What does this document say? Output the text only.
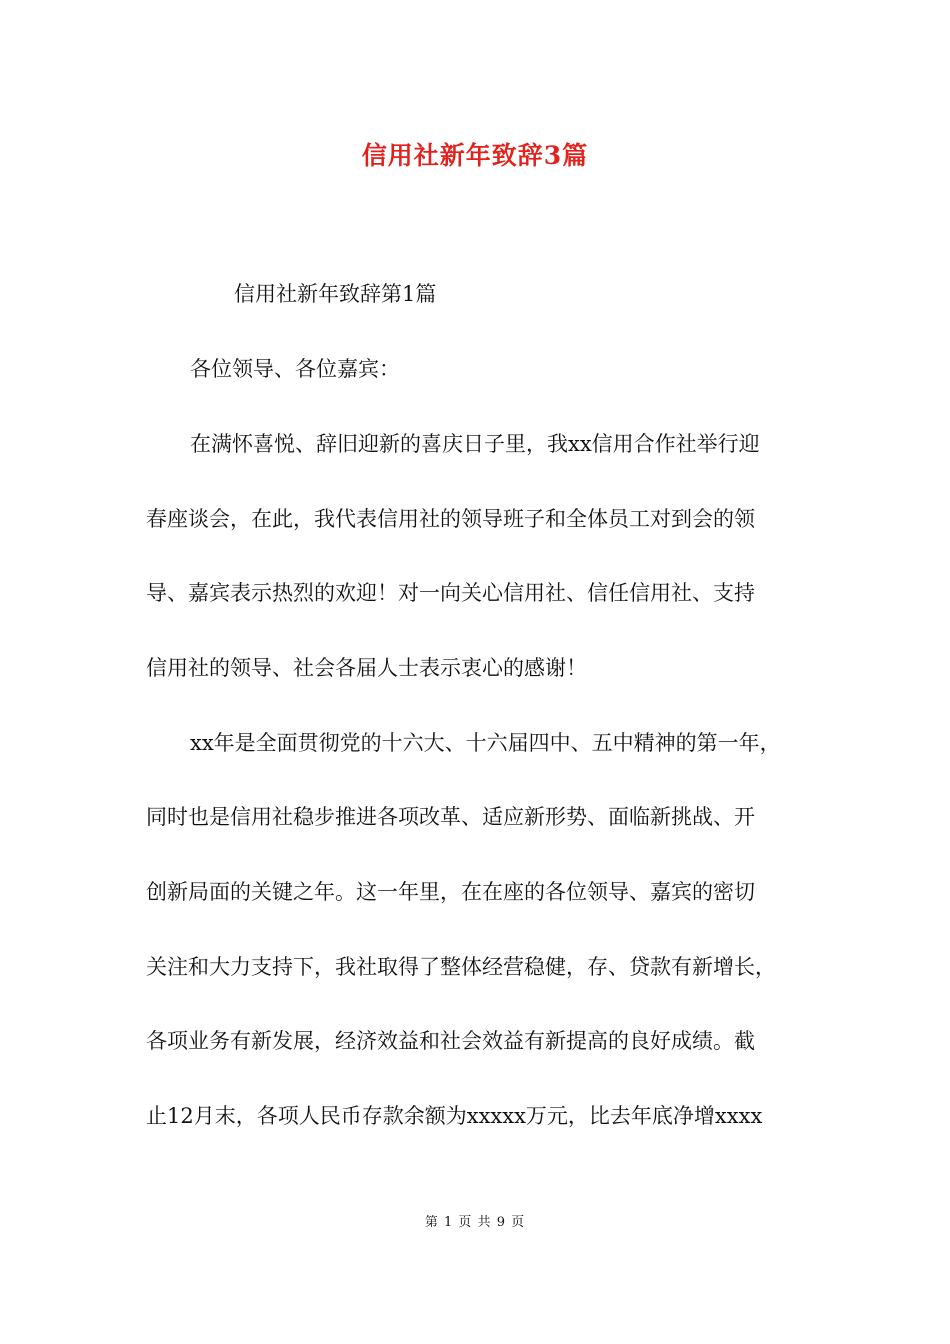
信用社新年致辞3篇
信用社新年致辞第1篇
各位领导、各位嘉宾：
在满怀喜悦、辞旧迎新的喜庆日子里，我xx信用合作社举行迎
春座谈会，在此，我代表信用社的领导班子和全体员工对到会的领
导、嘉宾表示热烈的欢迎！对一向关心信用社、信任信用社、支持
信用社的领导、社会各届人士表示衷心的感谢！
xx年是全面贯彻党的十六大、十六届四中、五中精神的第一年，
同时也是信用社稳步推进各项改革、适应新形势、面临新挑战、开
创新局面的关键之年。这一年里，在在座的各位领导、嘉宾的密切
关注和大力支持下，我社取得了整体经营稳健，存、贷款有新增长，
各项业务有新发展，经济效益和社会效益有新提高的良好成绩。截
止12月末，各项人民币存款余额为xxxxx万元，比去年底净增xxxx
第 1 页 共 9 页
